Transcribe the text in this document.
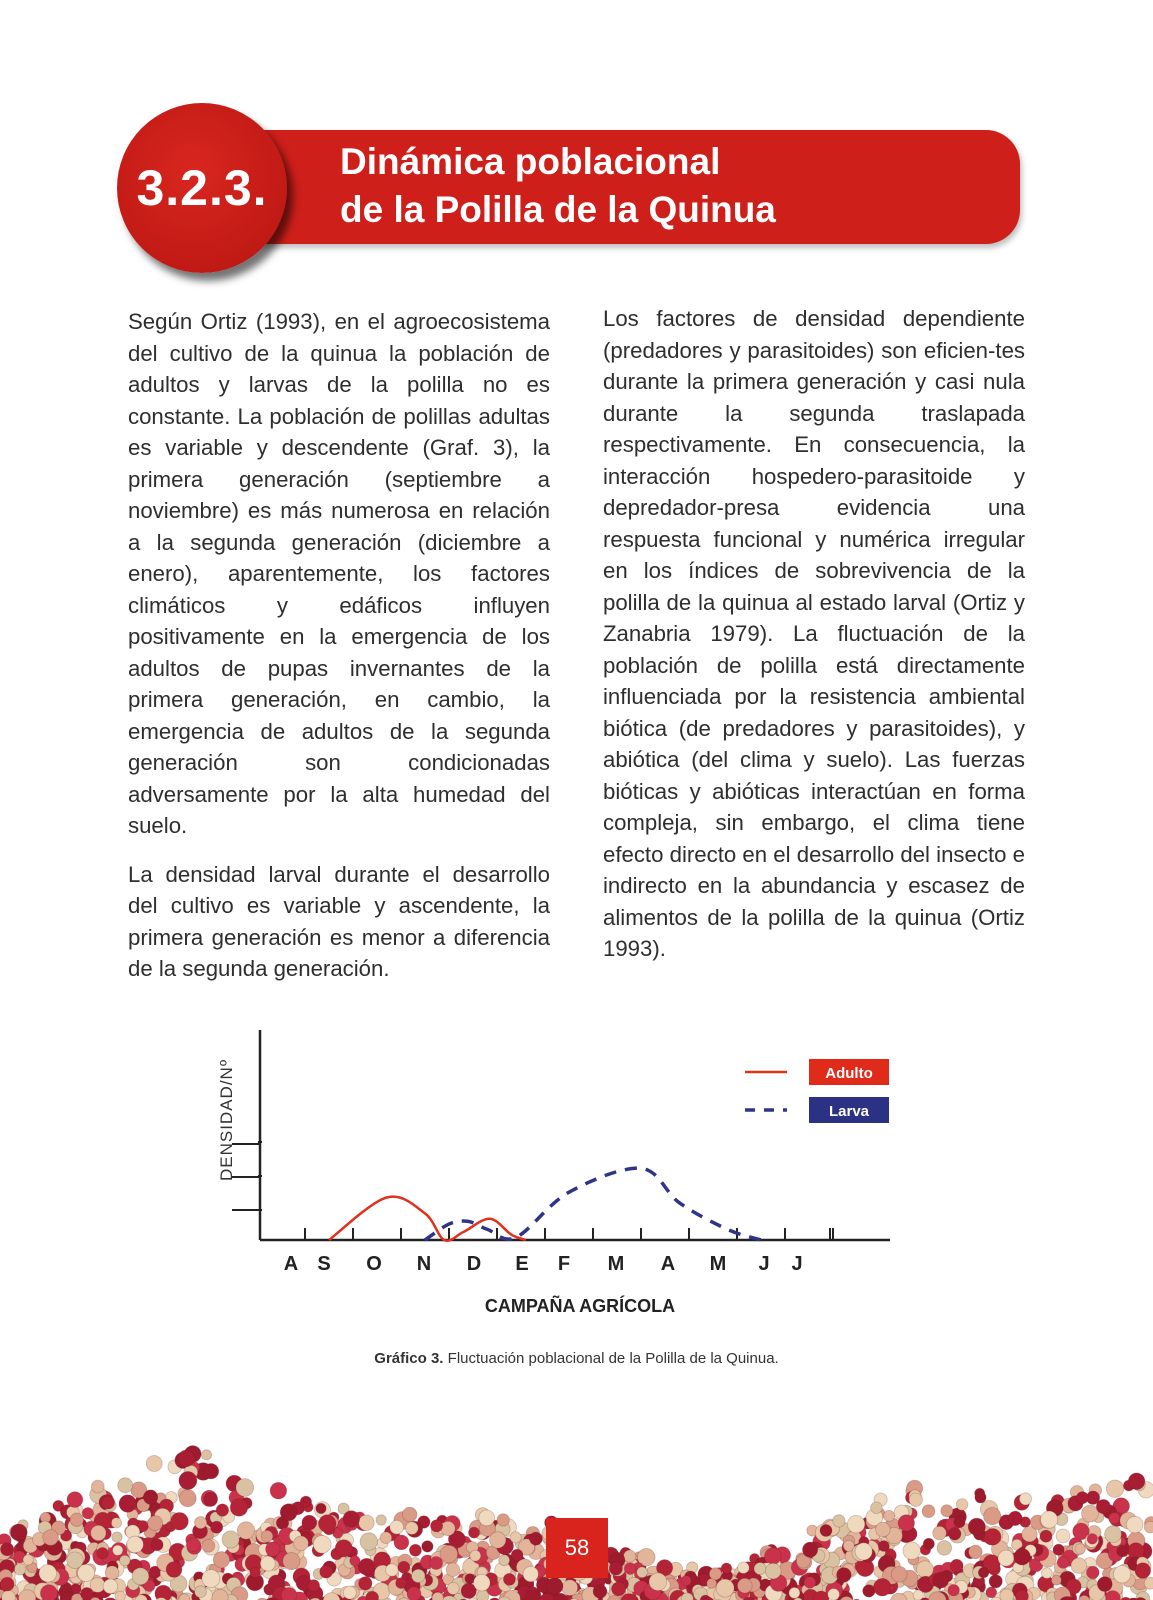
3.2.3. Dinámica poblacional
de la Polilla de la Quinua

Según Ortiz (1993), en el agroecosistema del cultivo de la quinua la población de adultos y larvas de la polilla no es constante. La población de polillas adultas es variable y descendente (Graf. 3), la primera generación (septiembre a noviembre) es más numerosa en relación a la segunda generación (diciembre a enero), aparentemente, los factores climáticos y edáficos influyen positivamente en la emergencia de los adultos de pupas invernantes de la primera generación, en cambio, la emergencia de adultos de la segunda generación son condicionadas adversamente por la alta humedad del suelo.

La densidad larval durante el desarrollo del cultivo es variable y ascendente, la primera generación es menor a diferencia de la segunda generación.

Los factores de densidad dependiente (predadores y parasitoides) son eficien-tes durante la primera generación y casi nula durante la segunda traslapada respectivamente. En consecuencia, la interacción hospedero-parasitoide y depredador-presa evidencia una respuesta funcional y numérica irregular en los índices de sobrevivencia de la polilla de la quinua al estado larval (Ortiz y Zanabria 1979). La fluctuación de la población de polilla está directamente influenciada por la resistencia ambiental biótica (de predadores y parasitoides), y abiótica (del clima y suelo). Las fuerzas bióticas y abióticas interactúan en forma compleja, sin embargo, el clima tiene efecto directo en el desarrollo del insecto e indirecto en la abundancia y escasez de alimentos de la polilla de la quinua (Ortiz 1993).

A S O N D E F M A M J J
DENSIDAD/Nº
CAMPAÑA AGRÍCOLA
Adulto
Larva
Gráfico 3. Fluctuación poblacional de la Polilla de la Quinua.
58
